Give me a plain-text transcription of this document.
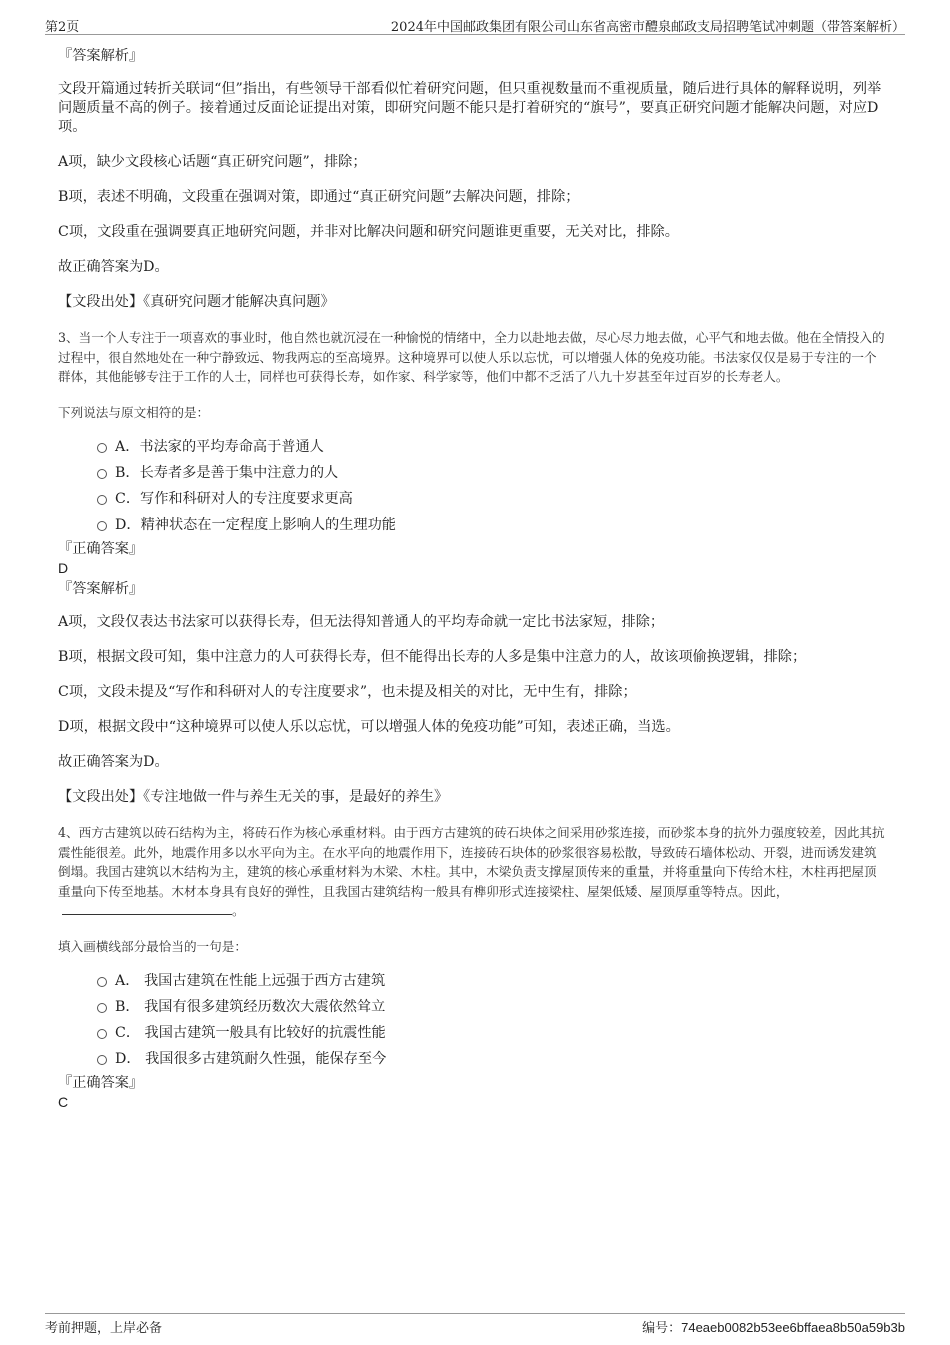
第2页	2024年中国邮政集团有限公司山东省高密市醴泉邮政支局招聘笔试冲刺题（带答案解析）

『答案解析』

文段开篇通过转折关联词“但”指出，有些领导干部看似忙着研究问题，但只重视数量而不重视质量，随后进行具体的解释说明，列举问题质量不高的例子。接着通过反面论证提出对策，即研究问题不能只是打着研究的“旗号”，要真正研究问题才能解决问题，对应D项。

A项，缺少文段核心话题“真正研究问题”，排除；

B项，表述不明确，文段重在强调对策，即通过“真正研究问题”去解决问题，排除；

C项，文段重在强调要真正地研究问题，并非对比解决问题和研究问题谁更重要，无关对比，排除。

故正确答案为D。

【文段出处】《真研究问题才能解决真问题》

3、当一个人专注于一项喜欢的事业时，他自然也就沉浸在一种愉悦的情绪中，全力以赴地去做，尽心尽力地去做，心平气和地去做。他在全情投入的过程中，很自然地处在一种宁静致远、物我两忘的至高境界。这种境界可以使人乐以忘忧，可以增强人体的免疫功能。书法家仅仅是易于专注的一个群体，其他能够专注于工作的人士，同样也可获得长寿，如作家、科学家等，他们中都不乏活了八九十岁甚至年过百岁的长寿老人。

下列说法与原文相符的是：

A．书法家的平均寿命高于普通人
B．长寿者多是善于集中注意力的人
C．写作和科研对人的专注度要求更高
D．精神状态在一定程度上影响人的生理功能

『正确答案』

D

『答案解析』

A项，文段仅表达书法家可以获得长寿，但无法得知普通人的平均寿命就一定比书法家短，排除；

B项，根据文段可知，集中注意力的人可获得长寿，但不能得出长寿的人多是集中注意力的人，故该项偷换逻辑，排除；

C项，文段未提及“写作和科研对人的专注度要求”，也未提及相关的对比，无中生有，排除；

D项，根据文段中“这种境界可以使人乐以忘忧，可以增强人体的免疫功能”可知，表述正确，当选。

故正确答案为D。

【文段出处】《专注地做一件与养生无关的事，是最好的养生》

4、西方古建筑以砖石结构为主，将砖石作为核心承重材料。由于西方古建筑的砖石块体之间采用砂浆连接，而砂浆本身的抗外力强度较差，因此其抗震性能很差。此外，地震作用多以水平向为主。在水平向的地震作用下，连接砖石块体的砂浆很容易松散，导致砖石墙体松动、开裂，进而诱发建筑倒塌。我国古建筑以木结构为主，建筑的核心承重材料为木梁、木柱。其中，木梁负责支撑屋顶传来的重量，并将重量向下传给木柱，木柱再把屋顶重量向下传至地基。木材本身具有良好的弹性，且我国古建筑结构一般具有榫卯形式连接梁柱、屋架低矮、屋顶厚重等特点。因此，。

填入画横线部分最恰当的一句是：

A． 我国古建筑在性能上远强于西方古建筑
B． 我国有很多建筑经历数次大震依然耸立
C． 我国古建筑一般具有比较好的抗震性能
D． 我国很多古建筑耐久性强，能保存至今

『正确答案』

C

考前押题，上岸必备	编号：74eaeb0082b53ee6bffaea8b50a59b3b
